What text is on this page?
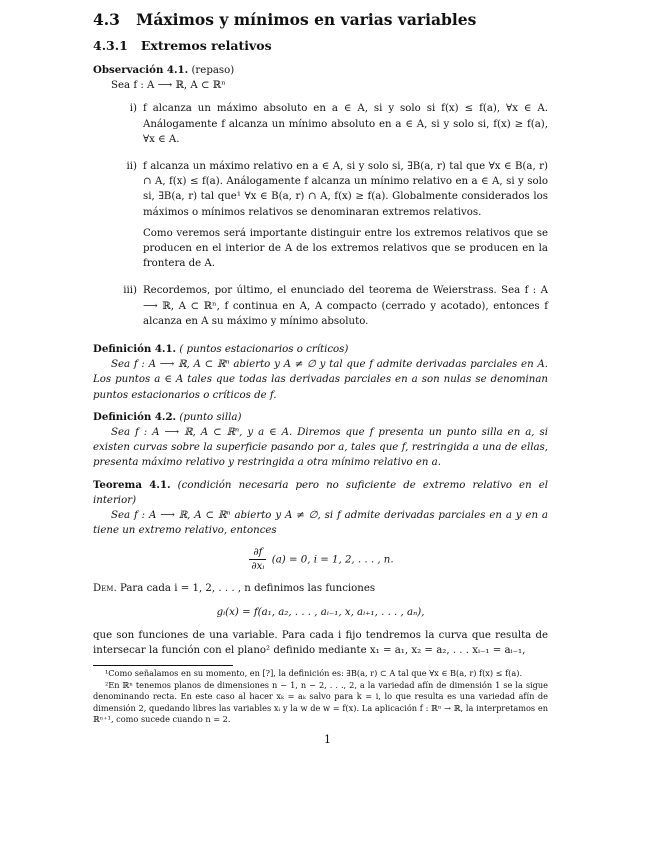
4.3 Máximos y mínimos en varias variables
4.3.1 Extremos relativos
Observación 4.1. (repaso)
Sea f : A ⟶ ℝ, A ⊂ ℝⁿ
i) f alcanza un máximo absoluto en a ∈ A, si y solo si f(x) ≤ f(a), ∀x ∈ A. Análogamente f alcanza un mínimo absoluto en a ∈ A, si y solo si, f(x) ≥ f(a), ∀x ∈ A.

ii) f alcanza un máximo relativo en a ∈ A, si y solo si, ∃B(a, r) tal que ∀x ∈ B(a, r) ∩ A, f(x) ≤ f(a). Análogamente f alcanza un mínimo relativo en a ∈ A, si y solo si, ∃B(a, r) tal que¹ ∀x ∈ B(a, r) ∩ A, f(x) ≥ f(a). Globalmente considerados los máximos o mínimos relativos se denominaran extremos relativos.

Como veremos será importante distinguir entre los extremos relativos que se producen en el interior de A de los extremos relativos que se producen en la frontera de A.

iii) Recordemos, por último, el enunciado del teorema de Weierstrass. Sea f : A ⟶ ℝ, A ⊂ ℝⁿ, f continua en A, A compacto (cerrado y acotado), entonces f alcanza en A su máximo y mínimo absoluto.

Definición 4.1. ( puntos estacionarios o críticos)
Sea f : A ⟶ ℝ, A ⊂ ℝⁿ abierto y A ≠ ∅ y tal que f admite derivadas parciales en A. Los puntos a ∈ A tales que todas las derivadas parciales en a son nulas se denominan puntos estacionarios o críticos de f.
Definición 4.2. (punto silla)
Sea f : A ⟶ ℝ, A ⊂ ℝⁿ, y a ∈ A. Diremos que f presenta un punto silla en a, si existen curvas sobre la superficie pasando por a, tales que f, restringida a una de ellas, presenta máximo relativo y restringida a otra mínimo relativo en a.
Teorema 4.1. (condición necesaria pero no suficiente de extremo relativo en el interior)
Sea f : A ⟶ ℝ, A ⊂ ℝⁿ abierto y A ≠ ∅, si f admite derivadas parciales en a y en a tiene un extremo relativo, entonces
$\frac{\partial f}{\text{∂xᵢ}} (a) = 0$, i = 1, 2, . . . , n.
Dem. Para cada i = 1, 2, . . . , n definimos las funciones
gᵢ(x) = f(a₁, a₂, . . . , aᵢ₋₁, x, aᵢ₊₁, . . . , aₙ),
que son funciones de una variable. Para cada i fijo tendremos la curva que resulta de intersecar la función con el plano² definido mediante x₁ = a₁, x₂ = a₂, . . . xᵢ₋₁ = aᵢ₋₁,

¹Como señalamos en su momento, en [?], la definición es: ∃B(a, r) ⊂ A tal que ∀x ∈ B(a, r) f(x) ≤ f(a).

²En ℝⁿ tenemos planos de dimensiones n − 1, n − 2, . . ., 2, a la variedad afín de dimensión 1 se la sigue denominando recta. En este caso al hacer xₖ = aₖ salvo para k = i, lo que resulta es una variedad afín de dimensión 2, quedando libres las variables xᵢ y la w de w = f(x). La aplicación f : ℝⁿ → ℝ, la interpretamos en ℝⁿ⁺¹, como sucede cuando n = 2.

1
